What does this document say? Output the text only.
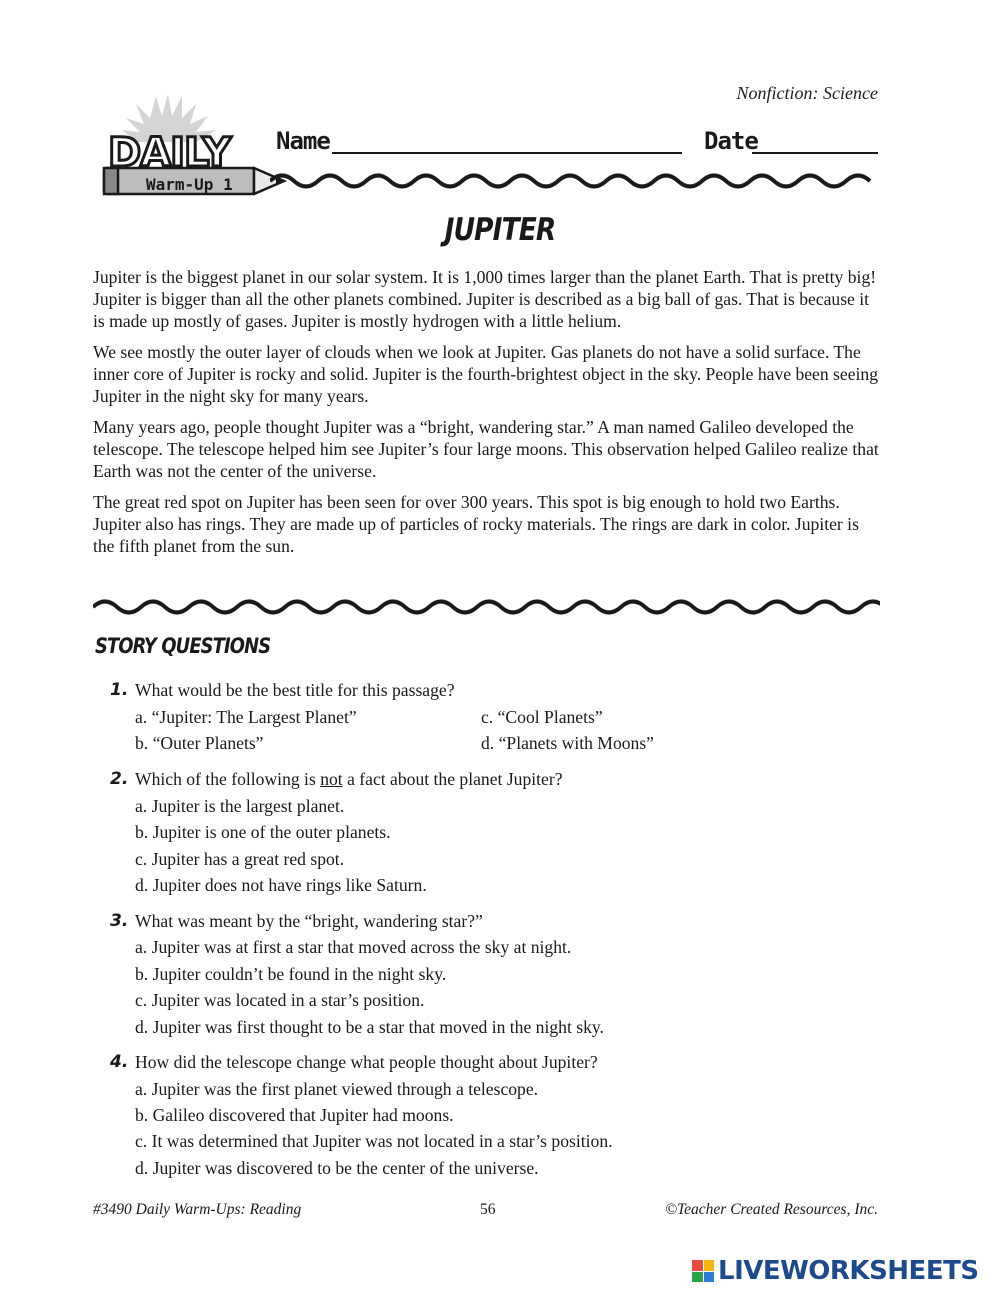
Nonfiction: Science
DAILY
Warm-Up 1
Name	Date
JUPITER

Jupiter is the biggest planet in our solar system. It is 1,000 times larger than the planet Earth. That is pretty big! Jupiter is bigger than all the other planets combined. Jupiter is described as a big ball of gas. That is because it is made up mostly of gases. Jupiter is mostly hydrogen with a little helium.

We see mostly the outer layer of clouds when we look at Jupiter. Gas planets do not have a solid surface. The inner core of Jupiter is rocky and solid. Jupiter is the fourth-brightest object in the sky. People have been seeing Jupiter in the night sky for many years.

Many years ago, people thought Jupiter was a “bright, wandering star.” A man named Galileo developed the telescope. The telescope helped him see Jupiter’s four large moons. This observation helped Galileo realize that Earth was not the center of the universe.

The great red spot on Jupiter has been seen for over 300 years. This spot is big enough to hold two Earths. Jupiter also has rings. They are made up of particles of rocky materials. The rings are dark in color. Jupiter is the fifth planet from the sun.

STORY QUESTIONS
1. What would be the best title for this passage?
a. “Jupiter: The Largest Planet”
b. “Outer Planets”
c. “Cool Planets”
d. “Planets with Moons”
2. Which of the following is not a fact about the planet Jupiter?
a. Jupiter is the largest planet.
b. Jupiter is one of the outer planets.
c. Jupiter has a great red spot.
d. Jupiter does not have rings like Saturn.
3. What was meant by the “bright, wandering star?”
a. Jupiter was at first a star that moved across the sky at night.
b. Jupiter couldn’t be found in the night sky.
c. Jupiter was located in a star’s position.
d. Jupiter was first thought to be a star that moved in the night sky.
4. How did the telescope change what people thought about Jupiter?
a. Jupiter was the first planet viewed through a telescope.
b. Galileo discovered that Jupiter had moons.
c. It was determined that Jupiter was not located in a star’s position.
d. Jupiter was discovered to be the center of the universe.
#3490 Daily Warm-Ups: Reading	56	©Teacher Created Resources, Inc.
LIVEWORKSHEETS
